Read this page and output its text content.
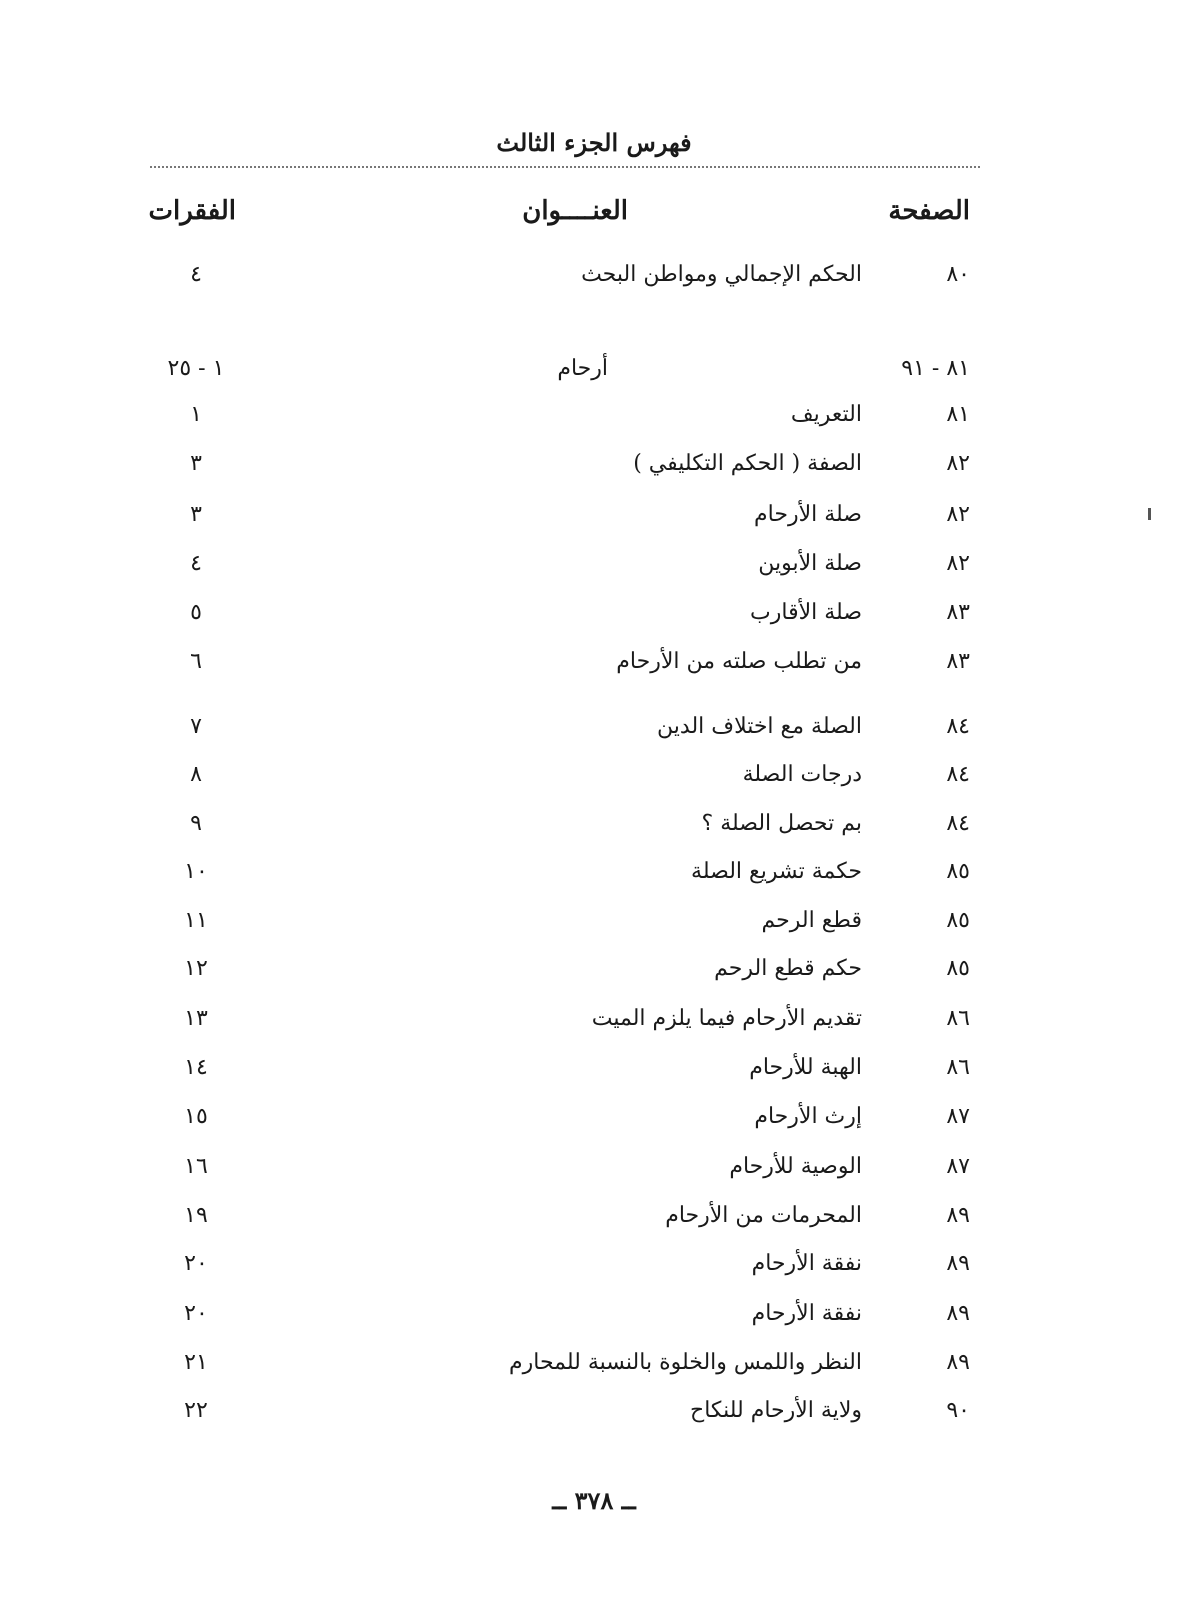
فهرس الجزء الثالث
الصفحة
العنــــوان
الفقرات
٨٠
الحكم الإجمالي ومواطن البحث
٤
٨١ - ٩١
أرحام
١ - ٢٥
٨١
التعريف
١
٨٢
الصفة ( الحكم التكليفي )
٣
٨٢
صلة الأرحام
٣
٨٢
صلة الأبوين
٤
٨٣
صلة الأقارب
٥
٨٣
من تطلب صلته من الأرحام
٦
٨٤
الصلة مع اختلاف الدين
٧
٨٤
درجات الصلة
٨
٨٤
بم تحصل الصلة ؟
٩
٨٥
حكمة تشريع الصلة
١٠
٨٥
قطع الرحم
١١
٨٥
حكم قطع الرحم
١٢
٨٦
تقديم الأرحام فيما يلزم الميت
١٣
٨٦
الهبة للأرحام
١٤
٨٧
إرث الأرحام
١٥
٨٧
الوصية للأرحام
١٦
٨٩
المحرمات من الأرحام
١٩
٨٩
نفقة الأرحام
٢٠
٨٩
نفقة الأرحام
٢٠
٨٩
النظر واللمس والخلوة بالنسبة للمحارم
٢١
٩٠
ولاية الأرحام للنكاح
٢٢
ــ ٣٧٨ ــ
